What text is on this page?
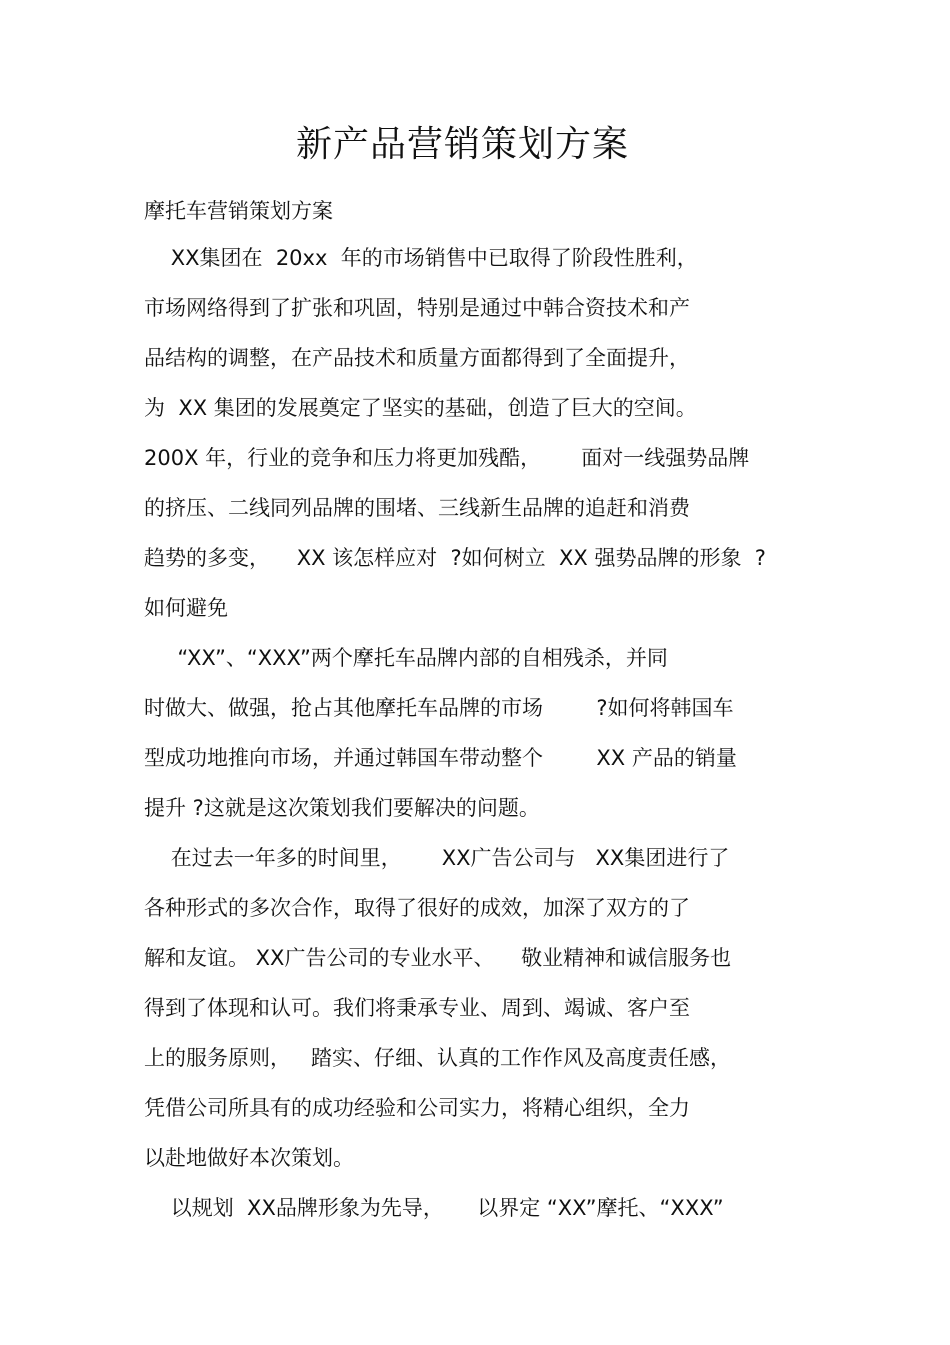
新产品营销策划方案
摩托车营销策划方案
XX集团在  20xx  年的市场销售中已取得了阶段性胜利，
市场网络得到了扩张和巩固，特别是通过中韩合资技术和产
品结构的调整，在产品技术和质量方面都得到了全面提升，
为  XX 集团的发展奠定了坚实的基础，创造了巨大的空间。
200X 年，行业的竞争和压力将更加残酷，      面对一线强势品牌
的挤压、二线同列品牌的围堵、三线新生品牌的追赶和消费
趋势的多变，    XX 该怎样应对  ?如何树立  XX 强势品牌的形象  ?
如何避免
“XX”、“XXX”两个摩托车品牌内部的自相残杀，并同
时做大、做强，抢占其他摩托车品牌的市场        ?如何将韩国车
型成功地推向市场，并通过韩国车带动整个        XX 产品的销量
提升 ?这就是这次策划我们要解决的问题。
在过去一年多的时间里，      XX广告公司与   XX集团进行了
各种形式的多次合作，取得了很好的成效，加深了双方的了
解和友谊。 XX广告公司的专业水平、    敬业精神和诚信服务也
得到了体现和认可。我们将秉承专业、周到、竭诚、客户至
上的服务原则，   踏实、仔细、认真的工作作风及高度责任感，
凭借公司所具有的成功经验和公司实力，将精心组织，全力
以赴地做好本次策划。
以规划  XX品牌形象为先导，     以界定 “XX”摩托、“XXX”
